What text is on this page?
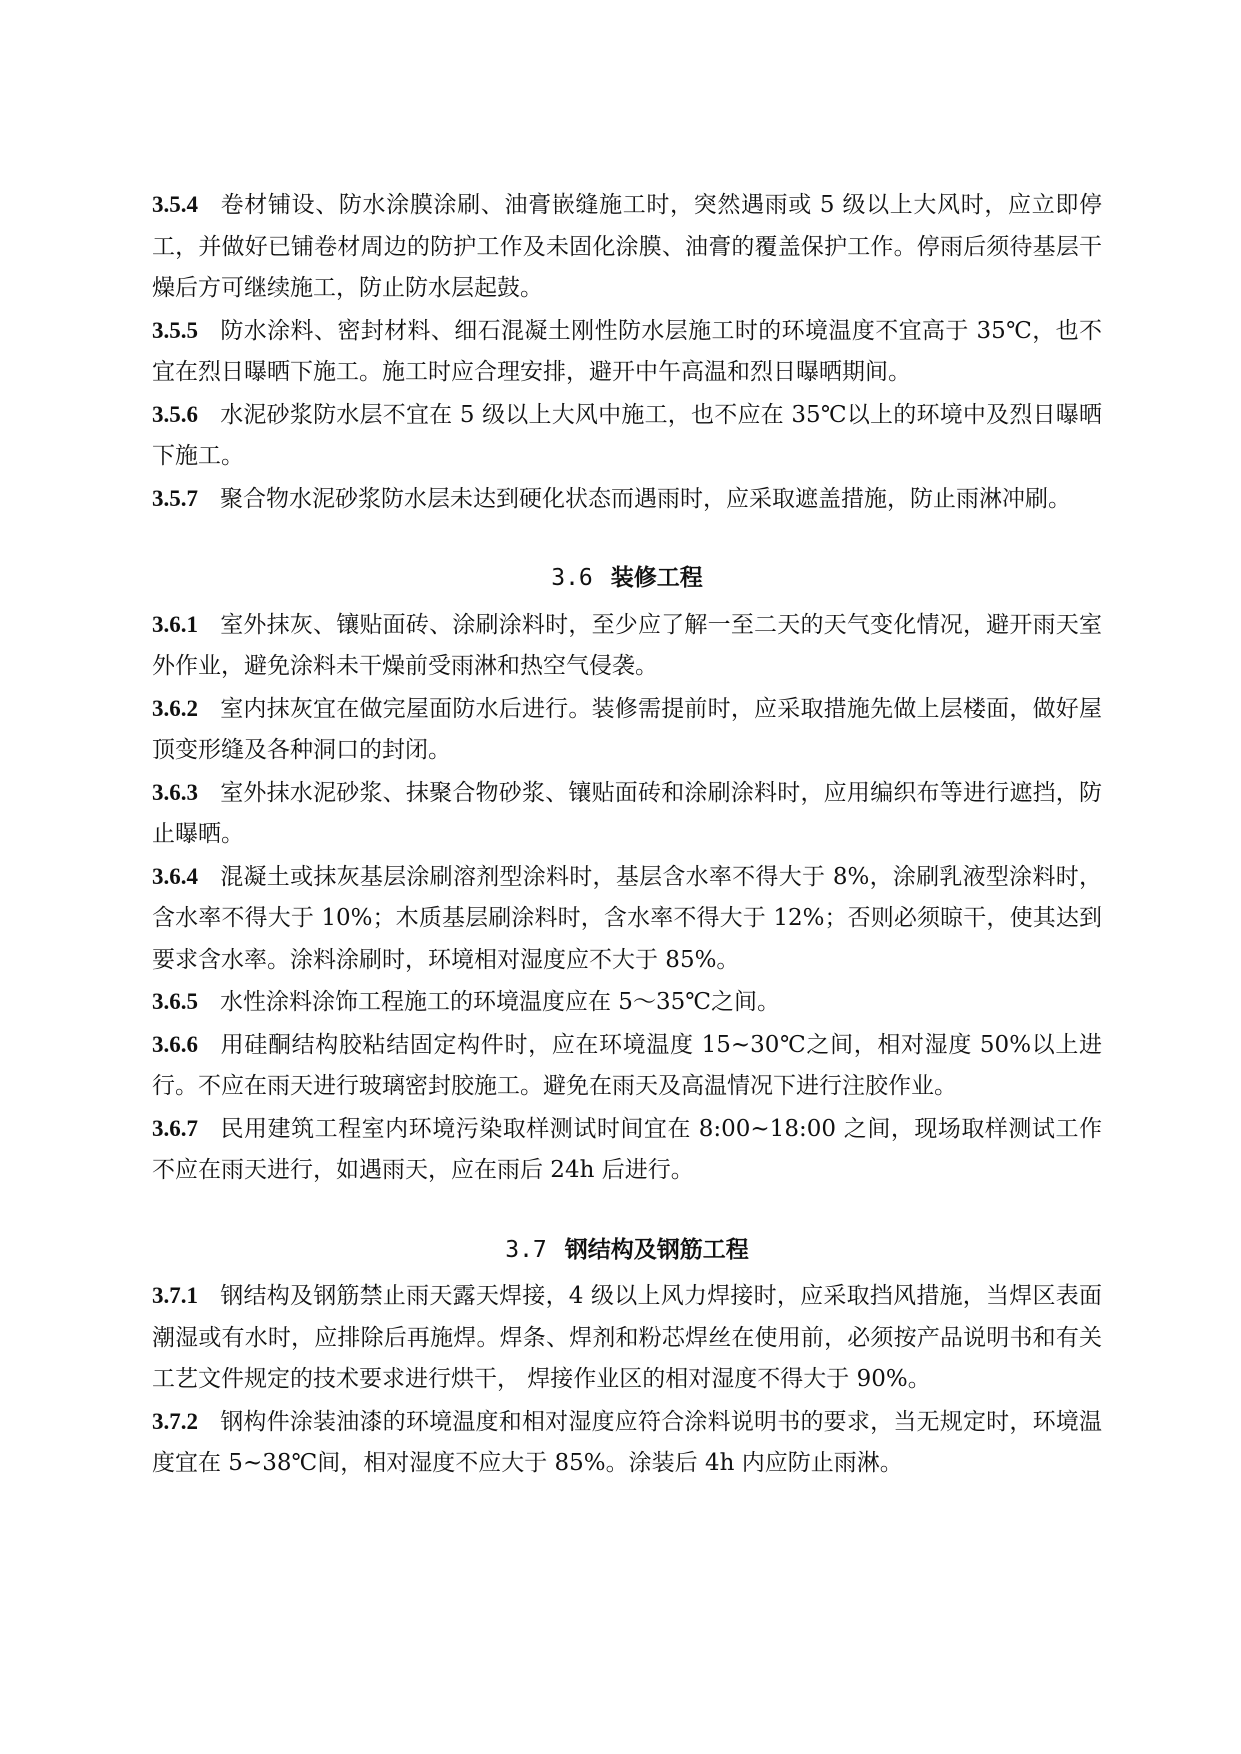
3.5.4 卷材铺设、防水涂膜涂刷、油膏嵌缝施工时，突然遇雨或 5 级以上大风时，应立即停工，并做好已铺卷材周边的防护工作及未固化涂膜、油膏的覆盖保护工作。停雨后须待基层干燥后方可继续施工，防止防水层起鼓。

3.5.5 防水涂料、密封材料、细石混凝土刚性防水层施工时的环境温度不宜高于 35℃，也不宜在烈日曝晒下施工。施工时应合理安排，避开中午高温和烈日曝晒期间。

3.5.6 水泥砂浆防水层不宜在 5 级以上大风中施工，也不应在 35℃以上的环境中及烈日曝晒下施工。

3.5.7 聚合物水泥砂浆防水层未达到硬化状态而遇雨时，应采取遮盖措施，防止雨淋冲刷。

3.6 装修工程

3.6.1 室外抹灰、镶贴面砖、涂刷涂料时，至少应了解一至二天的天气变化情况，避开雨天室外作业，避免涂料未干燥前受雨淋和热空气侵袭。

3.6.2 室内抹灰宜在做完屋面防水后进行。装修需提前时，应采取措施先做上层楼面，做好屋顶变形缝及各种洞口的封闭。

3.6.3 室外抹水泥砂浆、抹聚合物砂浆、镶贴面砖和涂刷涂料时，应用编织布等进行遮挡，防止曝晒。

3.6.4 混凝土或抹灰基层涂刷溶剂型涂料时，基层含水率不得大于 8%，涂刷乳液型涂料时，含水率不得大于 10%；木质基层刷涂料时，含水率不得大于 12%；否则必须晾干，使其达到要求含水率。涂料涂刷时，环境相对湿度应不大于 85%。

3.6.5 水性涂料涂饰工程施工的环境温度应在 5～35℃之间。

3.6.6 用硅酮结构胶粘结固定构件时，应在环境温度 15~30℃之间，相对湿度 50%以上进行。不应在雨天进行玻璃密封胶施工。避免在雨天及高温情况下进行注胶作业。

3.6.7 民用建筑工程室内环境污染取样测试时间宜在 8:00~18:00 之间，现场取样测试工作不应在雨天进行，如遇雨天，应在雨后 24h 后进行。

3.7 钢结构及钢筋工程

3.7.1 钢结构及钢筋禁止雨天露天焊接，4 级以上风力焊接时，应采取挡风措施，当焊区表面潮湿或有水时，应排除后再施焊。焊条、焊剂和粉芯焊丝在使用前，必须按产品说明书和有关工艺文件规定的技术要求进行烘干， 焊接作业区的相对湿度不得大于 90%。

3.7.2 钢构件涂装油漆的环境温度和相对湿度应符合涂料说明书的要求，当无规定时，环境温度宜在 5~38℃间，相对湿度不应大于 85%。涂装后 4h 内应防止雨淋。
